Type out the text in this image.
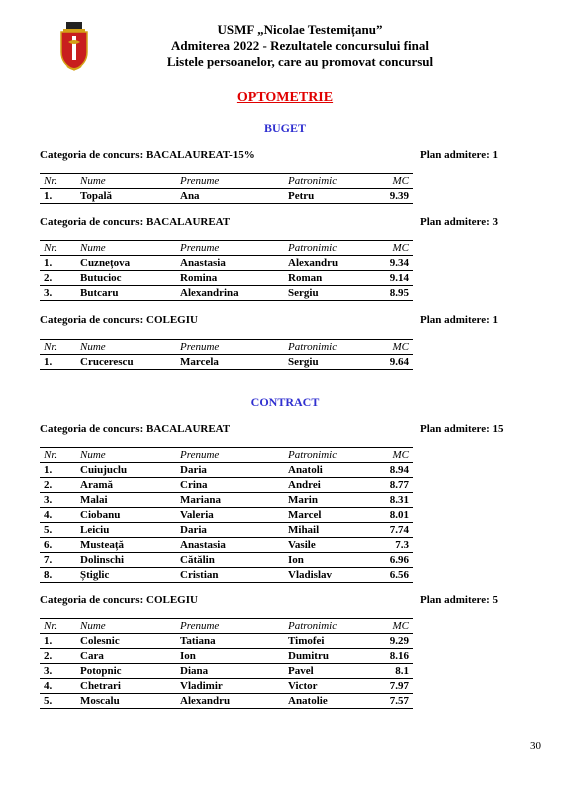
USMF „Nicolae Testemițanu”
Admiterea 2022 - Rezultatele concursului final
Listele persoanelor, care au promovat concursul
OPTOMETRIE
BUGET
Categoria de concurs: BACALAUREAT-15%	Plan admitere: 1
Nr.	Nume	Prenume	Patronimic	MC
1.	Topală	Ana	Petru	9.39
Categoria de concurs: BACALAUREAT	Plan admitere: 3
Nr.	Nume	Prenume	Patronimic	MC
1.	Cuznețova	Anastasia	Alexandru	9.34
2.	Butucioc	Romina	Roman	9.14
3.	Butcaru	Alexandrina	Sergiu	8.95
Categoria de concurs: COLEGIU	Plan admitere: 1
Nr.	Nume	Prenume	Patronimic	MC
1.	Crucerescu	Marcela	Sergiu	9.64
CONTRACT
Categoria de concurs: BACALAUREAT	Plan admitere: 15
Nr.	Nume	Prenume	Patronimic	MC
1.	Cuiujuclu	Daria	Anatoli	8.94
2.	Aramă	Crina	Andrei	8.77
3.	Malai	Mariana	Marin	8.31
4.	Ciobanu	Valeria	Marcel	8.01
5.	Leiciu	Daria	Mihail	7.74
6.	Musteață	Anastasia	Vasile	7.3
7.	Dolinschi	Cătălin	Ion	6.96
8.	Știglic	Cristian	Vladislav	6.56
Categoria de concurs: COLEGIU	Plan admitere: 5
Nr.	Nume	Prenume	Patronimic	MC
1.	Colesnic	Tatiana	Timofei	9.29
2.	Cara	Ion	Dumitru	8.16
3.	Potopnic	Diana	Pavel	8.1
4.	Chetrari	Vladimir	Victor	7.97
5.	Moscalu	Alexandru	Anatolie	7.57
30
